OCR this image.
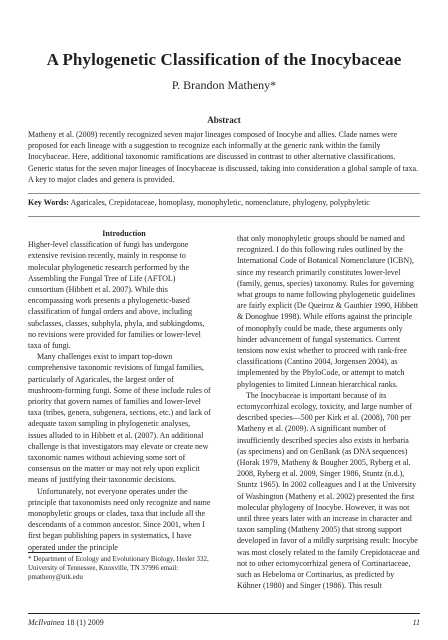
A Phylogenetic Classification of the Inocybaceae
P. Brandon Matheny*
Abstract
Matheny et al. (2009) recently recognized seven major lineages composed of Inocybe and allies. Clade names were proposed for each lineage with a suggestion to recognize each informally at the generic rank within the family Inocybaceae. Here, additional taxonomic ramifications are discussed in contrast to other alternative classifications. Generic status for the seven major lineages of Inocybaceae is discussed, taking into consideration a global sample of taxa. A key to major clades and genera is provided.
Key Words: Agaricales, Crepidotaceae, homoplasy, monophyletic, nomenclature, phylogeny, polyphyletic

Introduction

Higher-level classification of fungi has undergone extensive revision recently, mainly in response to molecular phylogenetic research performed by the Assembling the Fungal Tree of Life (AFTOL) consortium (Hibbett et al. 2007). While this encompassing work presents a phylogenetic-based classification of fungal orders and above, including subclasses, classes, subphyla, phyla, and subkingdoms, no revisions were provided for families or lower-level taxa of fungi.

Many challenges exist to impart top-down comprehensive taxonomic revisions of fungal families, particularly of Agaricales, the largest order of mushroom-forming fungi. Some of these include rules of priority that govern names of families and lower-level taxa (tribes, genera, subgenera, sections, etc.) and lack of adequate taxon sampling in phylogenetic analyses, issues alluded to in Hibbett et al. (2007). An additional challenge is that investigators may elevate or create new taxonomic names without achieving some sort of consensus on the matter or may not rely upon explicit means of justifying their taxonomic decisions.

Unfortunately, not everyone operates under the principle that taxonomists need only recognize and name monophyletic groups or clades, taxa that include all the descendants of a common ancestor. Since 2001, when I first began publishing papers in systematics, I have operated under the principle

that only monophyletic groups should be named and recognized. I do this following rules outlined by the International Code of Botanical Nomenclature (ICBN), since my research primarily constitutes lower-level (family, genus, species) taxonomy. Rules for governing what groups to name following phylogenetic guidelines are fairly explicit (De Queiroz & Gauthier 1990, Hibbett & Donoghue 1998). While efforts against the principle of monophyly could be made, these arguments only hinder advancement of fungal systematics. Current tensions now exist whether to proceed with rank-free classifications (Cantino 2004, Jorgensen 2004), as implemented by the PhyloCode, or attempt to match phylogenies to limited Linnean hierarchical ranks.

The Inocybaceae is important because of its ectomycorrhizal ecology, toxicity, and large number of described species—500 per Kirk et al. (2008), 700 per Matheny et al. (2009). A significant number of insufficiently described species also exists in herbaria (as specimens) and on GenBank (as DNA sequences) (Horak 1979, Matheny & Bougher 2005, Ryberg et al. 2008, Ryberg et al. 2009, Singer 1986, Stuntz (n.d.), Stuntz 1965). In 2002 colleagues and I at the University of Washington (Matheny et al. 2002) presented the first molecular phylogeny of Inocybe. However, it was not until three years later with an increase in character and taxon sampling (Matheny 2005) that strong support developed in favor of a mildly surprising result: Inocybe was most closely related to the family Crepidotaceae and not to other ectomycorrhizal genera of Cortinariaceae, such as Hebeloma or Cortinarius, as predicted by Kühner (1980) and Singer (1986). This result

* Department of Ecology and Evolutionary Biology, Hesler 332, University of Tennessee, Knoxville, TN 37996 email: pmatheny@utk.edu
McIlvainea 18 (1) 2009	11
